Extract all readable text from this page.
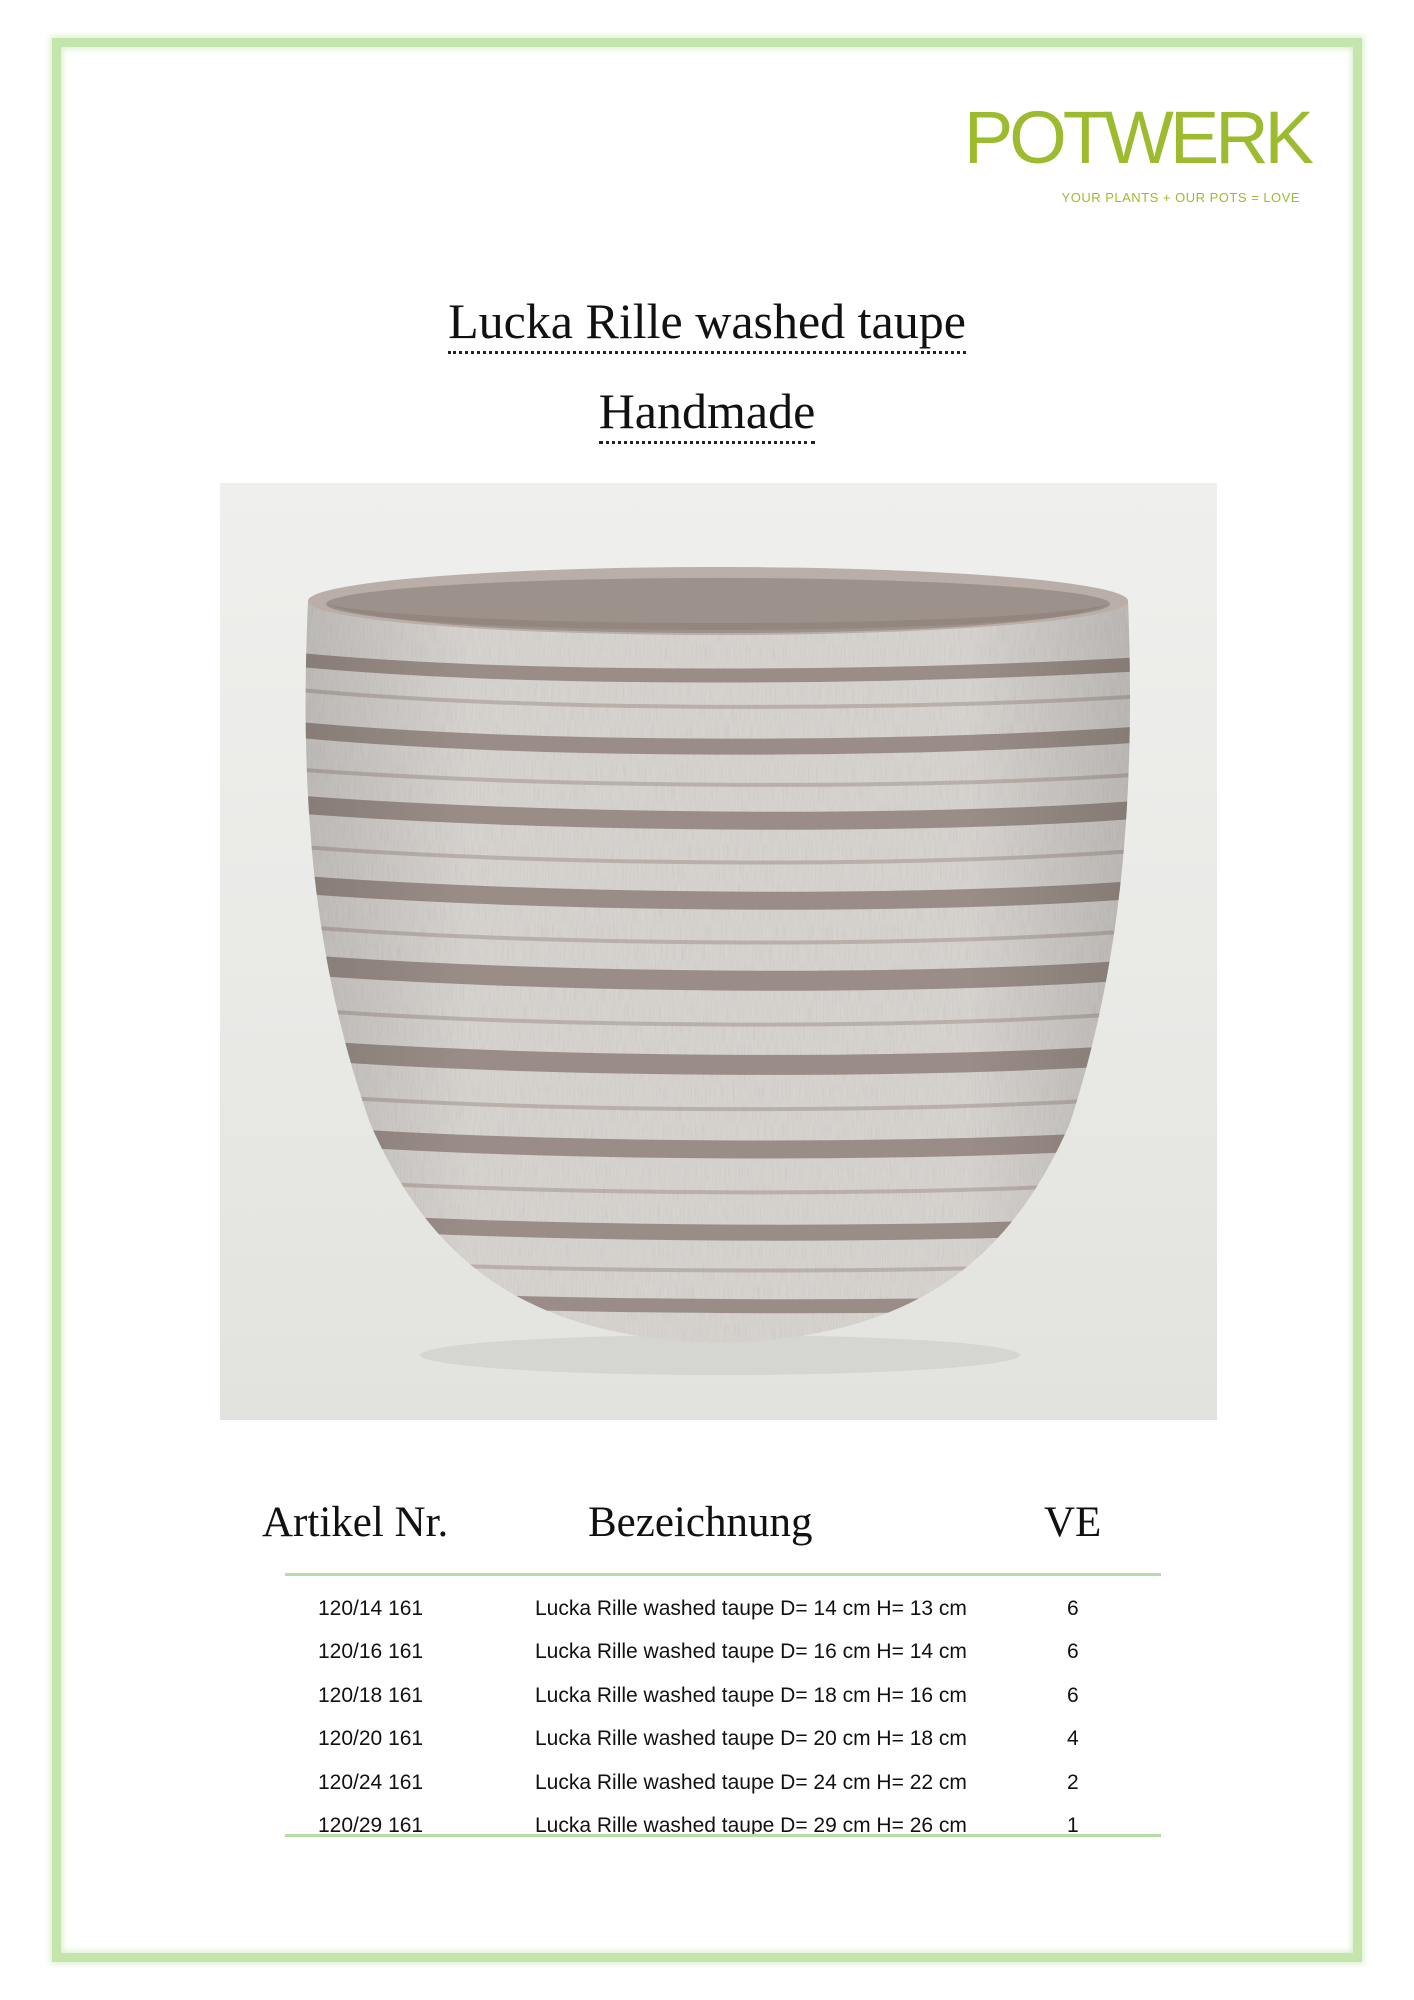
POTWERK
YOUR PLANTS + OUR POTS = LOVE
Lucka Rille washed taupe
Handmade
Artikel Nr.	Bezeichnung	VE
120/14 161	Lucka Rille washed taupe D= 14 cm H= 13 cm	6
120/16 161	Lucka Rille washed taupe D= 16 cm H= 14 cm	6
120/18 161	Lucka Rille washed taupe D= 18 cm H= 16 cm	6
120/20 161	Lucka Rille washed taupe D= 20 cm H= 18 cm	4
120/24 161	Lucka Rille washed taupe D= 24 cm H= 22 cm	2
120/29 161	Lucka Rille washed taupe D= 29 cm H= 26 cm	1
